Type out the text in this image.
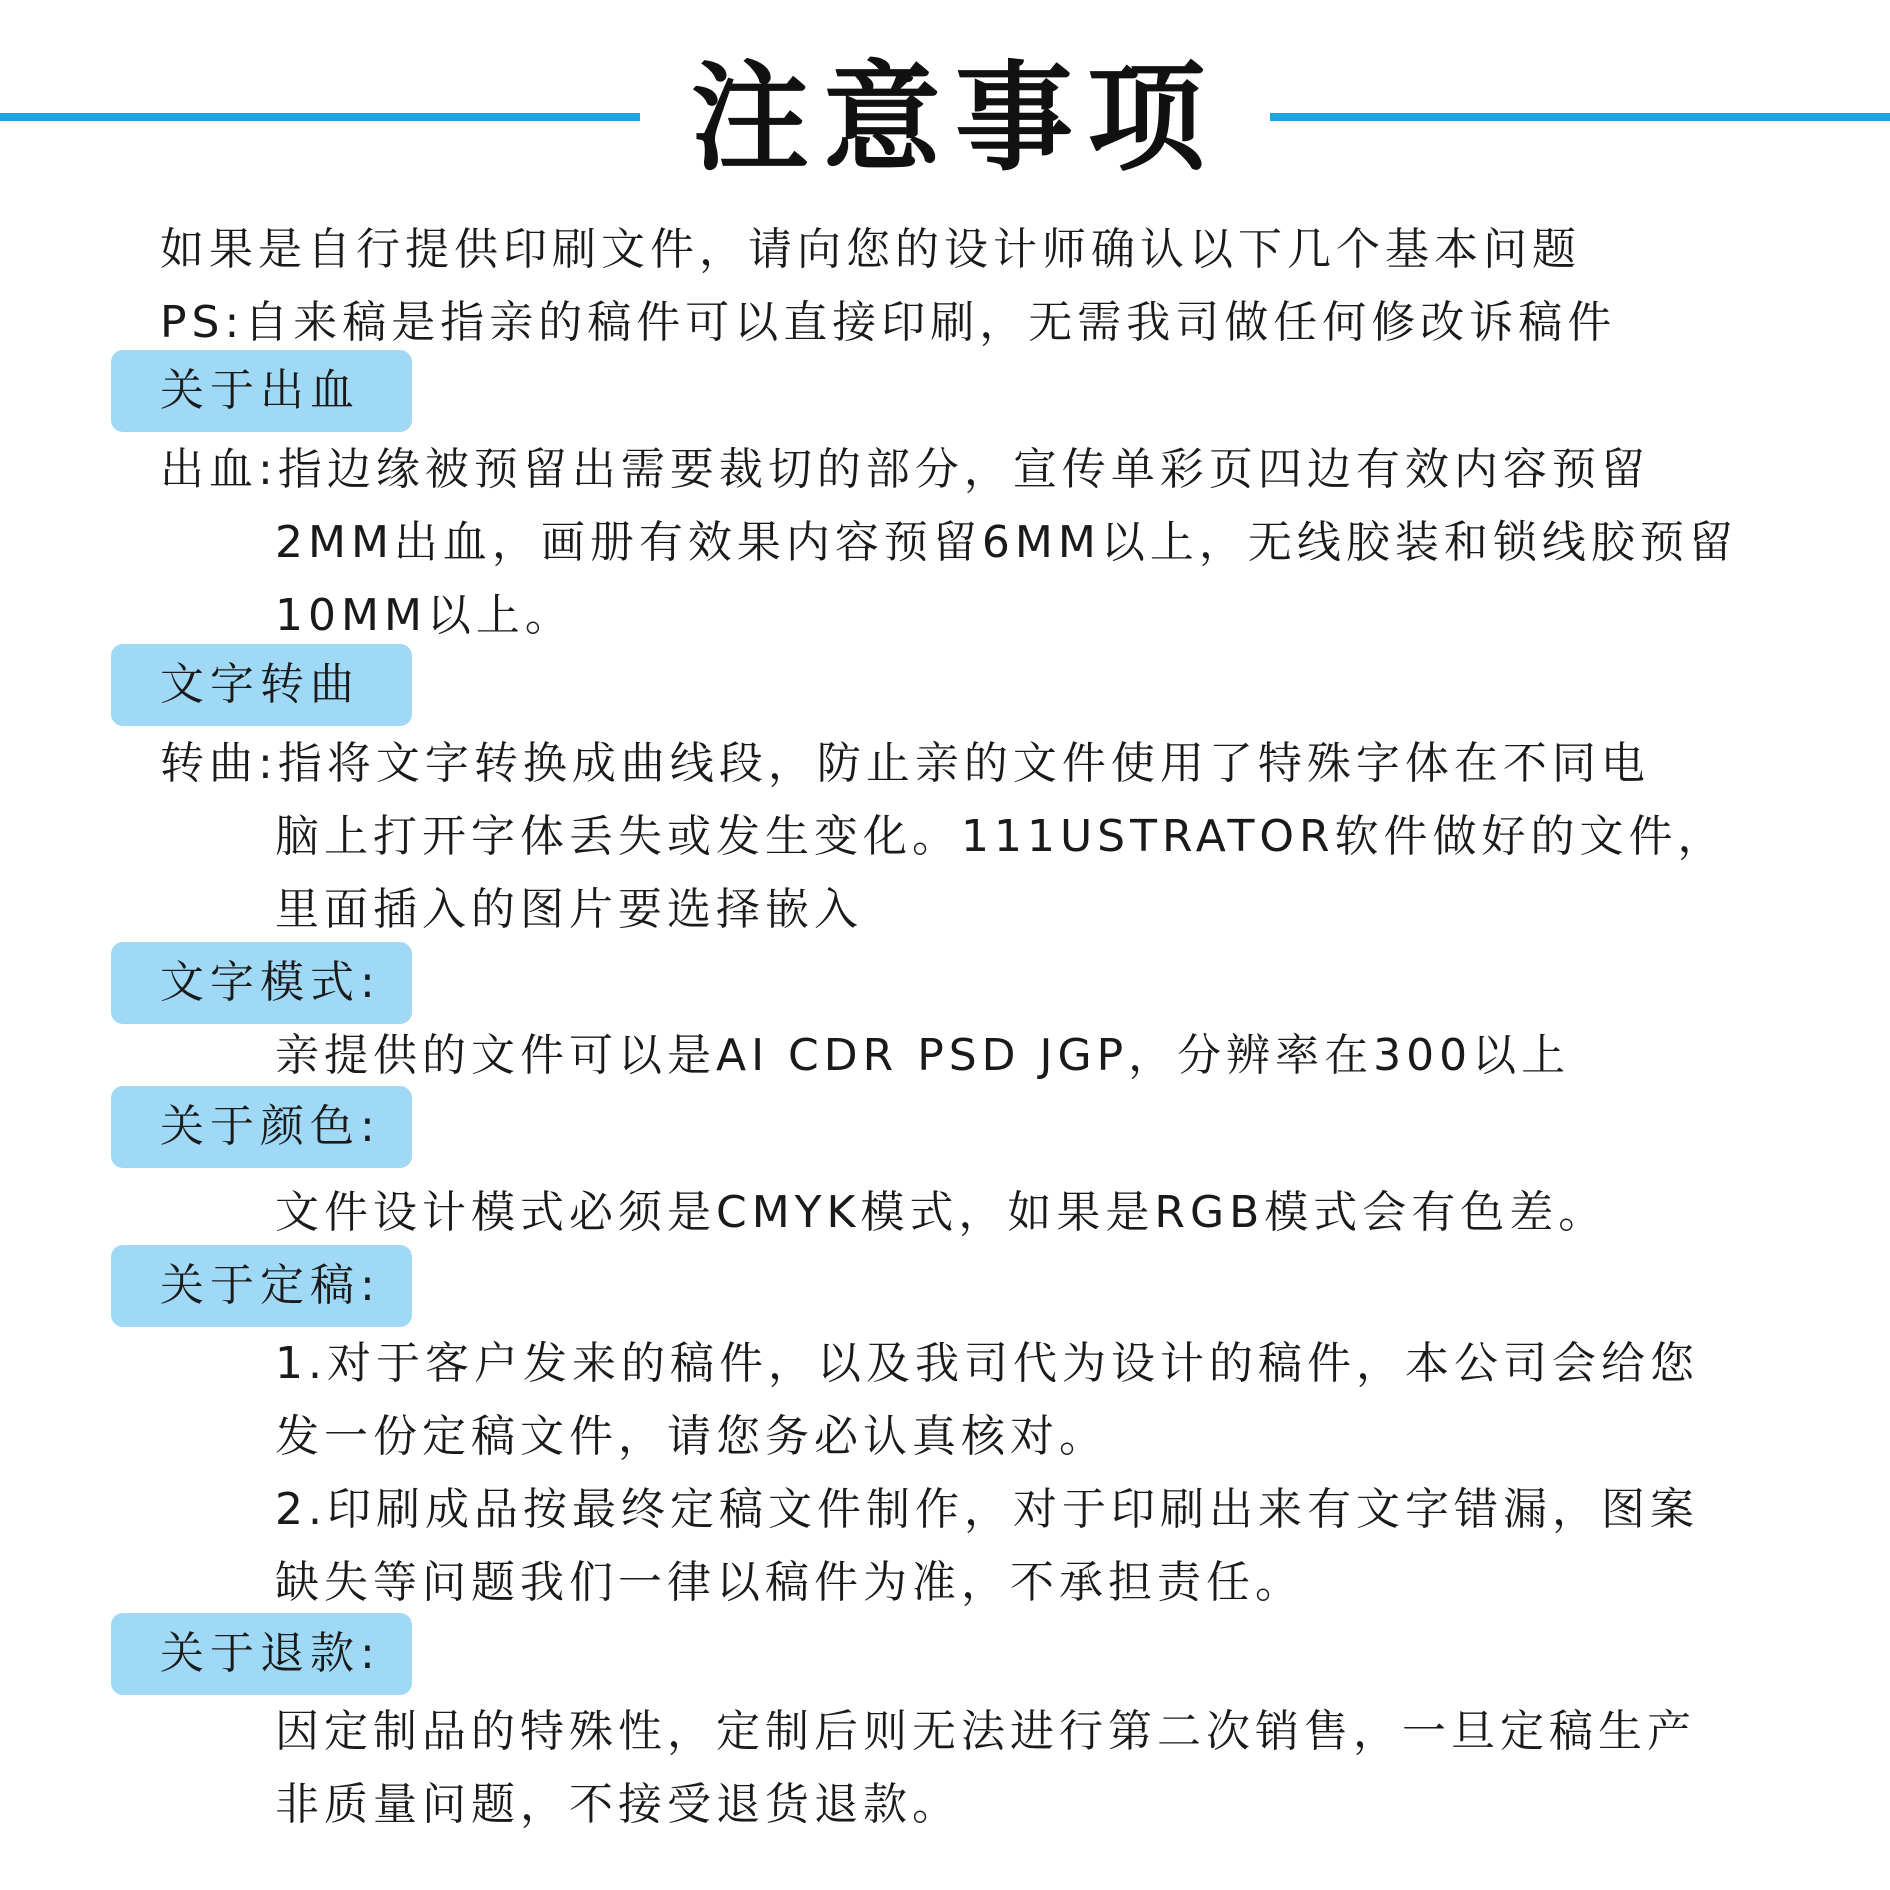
注意事项
如果是自行提供印刷文件，请向您的设计师确认以下几个基本问题
PS:自来稿是指亲的稿件可以直接印刷，无需我司做任何修改诉稿件
关于出血
出血:指边缘被预留出需要裁切的部分，宣传单彩页四边有效内容预留
2MM出血，画册有效果内容预留6MM以上，无线胶装和锁线胶预留
10MM以上。
文字转曲
转曲:指将文字转换成曲线段，防止亲的文件使用了特殊字体在不同电
脑上打开字体丢失或发生变化。111USTRATOR软件做好的文件，
里面插入的图片要选择嵌入
文字模式:
亲提供的文件可以是AI CDR PSD JGP，分辨率在300以上
关于颜色:
文件设计模式必须是CMYK模式，如果是RGB模式会有色差。
关于定稿:
1.对于客户发来的稿件，以及我司代为设计的稿件，本公司会给您
发一份定稿文件，请您务必认真核对。
2.印刷成品按最终定稿文件制作，对于印刷出来有文字错漏，图案
缺失等问题我们一律以稿件为准，不承担责任。
关于退款:
因定制品的特殊性，定制后则无法进行第二次销售，一旦定稿生产
非质量问题，不接受退货退款。
